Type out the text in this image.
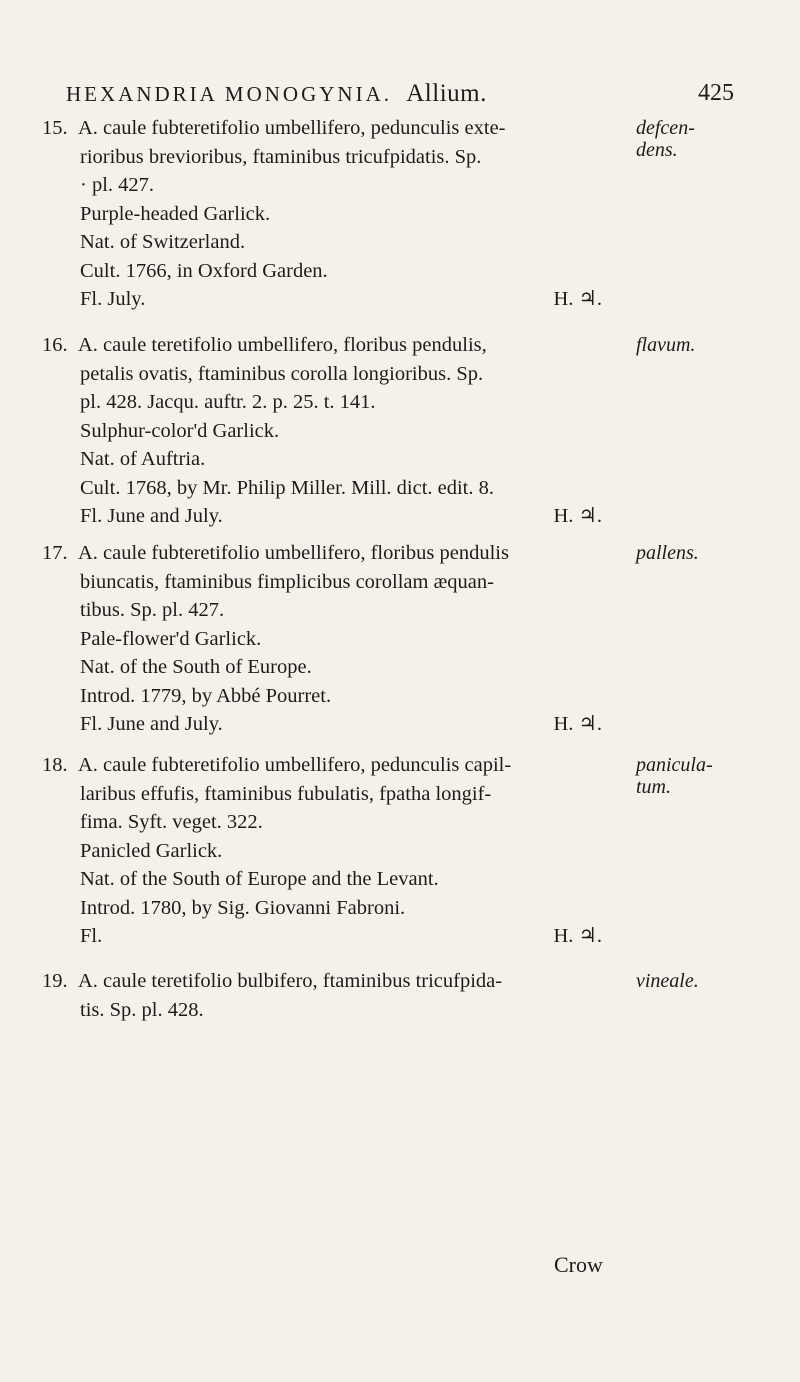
HEXANDRIA MONOGYNIA. Allium.	425
15. A. caule fubteretifolio umbellifero, pedunculis exte-
rioribus brevioribus, ftaminibus tricufpidatis. Sp.
· pl. 427.
Purple-headed Garlick.
Nat. of Switzerland.
Cult. 1766, in Oxford Garden.
Fl. July.	H. ♃.
defcen-
dens.
16. A. caule teretifolio umbellifero, floribus pendulis,
petalis ovatis, ftaminibus corolla longioribus. Sp.
pl. 428. Jacqu. auftr. 2. p. 25. t. 141.
Sulphur-color'd Garlick.
Nat. of Auftria.
Cult. 1768, by Mr. Philip Miller. Mill. dict. edit. 8.
Fl. June and July.	H. ♃.
flavum.
17. A. caule fubteretifolio umbellifero, floribus pendulis
biuncatis, ftaminibus fimplicibus corollam æquan-
tibus. Sp. pl. 427.
Pale-flower'd Garlick.
Nat. of the South of Europe.
Introd. 1779, by Abbé Pourret.
Fl. June and July.	H. ♃.
pallens.
18. A. caule fubteretifolio umbellifero, pedunculis capil-
laribus effufis, ftaminibus fubulatis, fpatha longif-
fima. Syft. veget. 322.
Panicled Garlick.
Nat. of the South of Europe and the Levant.
Introd. 1780, by Sig. Giovanni Fabroni.
Fl.	H. ♃.
panicula-
tum.
19. A. caule teretifolio bulbifero, ftaminibus tricufpida-
tis. Sp. pl. 428.
vineale.
Crow
